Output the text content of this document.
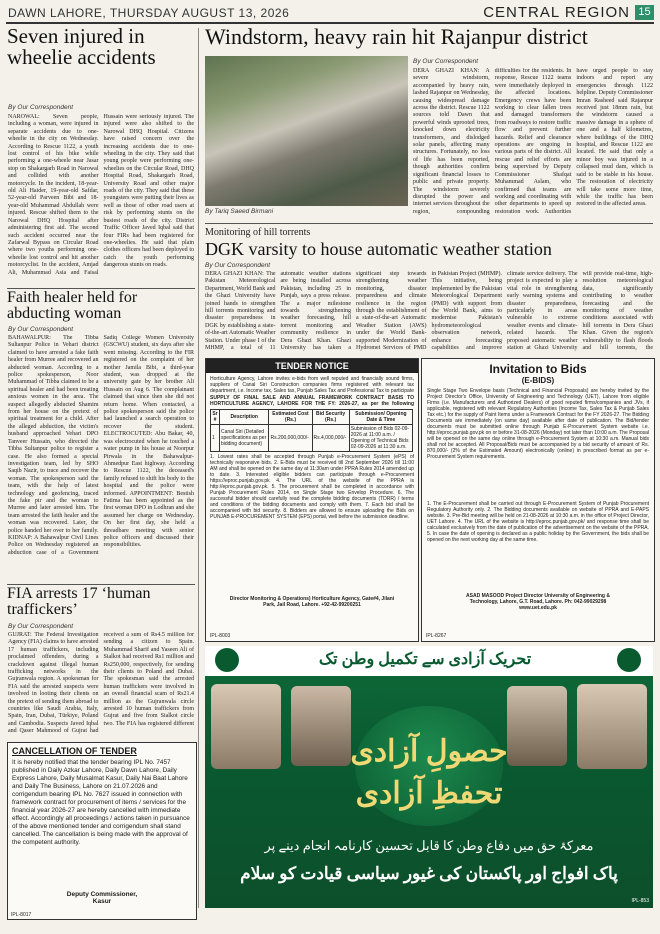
DAWN LAHORE, THURSDAY AUGUST 13, 2026	CENTRAL REGION 15
Seven injured in wheelie accidents
By Our Correspondent
NAROWAL: Seven people, including a woman, were injured in separate accidents due to one-wheelie in the city on Wednesday. According to Rescue 1122, a youth lost control of his bike while performing a one-wheele near Jasar stop on Shakargarh Road in Narowal and collided with another motorcycle. In the incident, 18-year-old Ali Haider, 19-year-old Safdar, 52-year-old Parveen Bibi and 18-year-old Muhammad Abdullah were injured. Rescue shifted them to the Narowal DHQ Hospital after administering first aid. The second such accident occurred near the Zafarwal Bypass on Circular Road where two youths performing one-wheelie lost control and hit another motorcyclist. In the accident, Amjad Ali, Muhammad Asia and Faisal Hussain were seriously injured. The injured were also shifted to the Narowal DHQ Hospital. Citizens have raised concern over the increasing accidents due to one-wheeling in the city. They said that young people were performing one-wheelies on the Circular Road, DHQ Hospital Road, Shakargarh Road, University Road and other major roads of the city. They said that these youngsters were putting their lives as well as those of other road users at risk by performing stunts on the busiest roads of the city. District Traffic Officer Javed Iqbal said that four FIRs had been registered for one-wheelies. He said that plain clothes officers had been deployed to catch the youth performing dangerous stunts on roads.
Windstorm, heavy rain hit Rajanpur district
By Tariq Saeed Birmani
By Our Correspondent
DERA GHAZI KHAN: A severe windstorm, accompanied by heavy rain, lashed Rajanpur on Wednesday, causing widespread damage across the district. Rescue 1122 sources told Dawn that powerful winds uprooted trees, knocked down electricity transformers, and dislodged solar panels, affecting many structures. Fortunately, no loss of life has been reported, though authorities confirm significant financial losses to public and private property. The windstorm severely disrupted the power and internet services throughout the region, compounding difficulties for the residents. In response, Rescue 1122 teams were immediately deployed in the affected locations. Emergency crews have been working to clear fallen trees and damaged transformers from roadways to restore traffic flow and prevent further hazards. Relief and clearance operations are ongoing in various parts of the district. All rescue and relief efforts are being supervised by Deputy Commissioner Shafqat Muhammad Aslam, who confirmed that teams are working and coordinating with other departments to speed up restoration work. Authorities have urged people to stay indoors and report any emergencies through 1122 helpline. Deputy Commissioner Imran Rasheed said Rajanpur received just 18mm rain, but the windstorm caused a massive damage in a sphere of one and a half kilometres, where buildings of the DHQ hospital, and Rescue 1122 are located. He said that only a minor boy was injured in a collapsed mud dam, which is said to be stable in his house. The restoration of electricity will take some more time, while the traffic has been restored in the affected areas.
Monitoring of hill torrents
DGK varsity to house automatic weather station
By Our Correspondent
DERA GHAZI KHAN: The Pakistan Meteorological Department, World Bank and the Ghazi University have joined hands to strengthen hill torrents monitoring and disaster preparedness in DGK by establishing a state-of-the-art Automatic Weather Station. Under phase I of the MHMP, a total of 11 automatic weather stations are being installed across Pakistan, including 25 in Punjab, says a press release. The a major milestone towards strengthening weather forecasting, hill torrent monitoring and community resilience in Dera Ghazi Khan. Ghazi University has taken a significant step towards strengthening weather monitoring, disaster preparedness and climate resilience in the region through the establishment of a state-of-the-art Automatic Weather Station (AWS) under the World Bank-supported Modernization of Hydromet Services of PMD in Pakistan Project (MHMP). This initiative, being implemented by the Pakistan Meteorological Department (PMD) with support from the World Bank, aims to modernise Pakistan's hydrometeorological observation network, enhance forecasting capabilities and improve climate service delivery. The project is expected to play a vital role in strengthening early warning systems and disaster preparedness, particularly in areas vulnerable to extreme weather events and climate-related hazards. The proposed automatic weather station at Ghazi University will provide real-time, high-resolution meteorological data, significantly contributing to weather forecasting and the monitoring of weather conditions associated with hill torrents in Dera Ghazi Khan. Given the region's vulnerability to flash floods and hill torrents, the
Faith healer held for abducting woman
By Our Correspondent
BAHAWALPUR: The Tibba Sultanpur Police in Vehari district claimed to have arrested a fake faith healer from Murree and recovered an abducted woman. According to a police spokesperson, Noor Muhammad of Tibba claimed to be a spiritual healer and had been treating anxious women in the area. The suspect allegedly abducted Shamim from her house on the pretext of spiritual treatment for a child. After the alleged abduction, the victim's husband approached Vehari DPO Tanveer Hussain, who directed the Tibba Sultanpur police to register a case. He also formed a special investigation team, led by SHO Saqib Nazir, to trace and recover the woman. The spokesperson said the team, with the help of latest technology and geofencing, traced the fake pir and the woman to Murree and later arrested him. The team arrested the faith healer and the woman was recovered. Later, the police handed her over to her family. KIDNAP: A Bahawalpur Civil Lines Police on Wednesday registered an abduction case of a Government Sadiq College Women University (GSCWU) student, six days after she went missing. According to the FIR registered on the complaint of her mother Jamila Bibi, a third-year student, was dropped at the university gate by her brother Ali Hussain on Aug 6. The complainant claimed that since then she did not return home. When contacted, a police spokesperson said the police had launched a search operation to recover the student. ELECTROCUTED: Abu Bakar, 40, was electrocuted when he touched a water pump in his house at Noorpur Pirwala in the Bahawalpur-Ahmedpur East highway. According to Rescue 1122, the deceased's family refused to shift his body to the hospital and the police were informed. APPOINTMENT: Bestish Fatima has been appointed as the first woman DPO in Lodhran and she assumed her charge on Wednesday. On her first day, she held a threadbare meeting with senior police officers and discussed their responsibilities.
FIA arrests 17 ‘human traffickers’
By Our Correspondent
GUJRAT: The Federal Investigation Agency (FIA) claims to have arrested 17 human traffickers, including proclaimed offenders, during a crackdown against illegal human trafficking networks in the Gujranwala region. A spokesman for FIA said the arrested suspects were involved in looting their clients on the pretext of sending them abroad to countries like Saudi Arabia, Italy, Spain, Iran, Dubai, Türkiye, Poland and Cambodia. Suspects Javed Iqbal and Qaser Mahmood of Gujrat had received a sum of Rs4.5 million for sending a citizen to Spain. Muhammad Sharif and Yaseen Ali of Sialkot had received Rs1 million and Rs250,000, respectively, for sending their clients to Poland and Dubai. The spokesman said the arrested human traffickers were involved in an overall financial scam of Rs21.4 million as the Gujranwala circle arrested 10 human traffickers from Gujrat and five from Sialkot circle two. The FIA has registered different
TENDER NOTICE
Horticulture Agency, Lahore invites e-bids from well reputed and financially sound firms, suppliers of Canal Siri Construction companies firms registered with relevant tax department, i.e. Income tax, Sales tax, Punjab Sales Tax and Professional Tax to participate
SUPPLY OF FINAL SALE AND ANNUAL FRAMEWORK CONTRACT BASIS TO HORTICULTURE AGENCY, LAHORE FOR THE FY: 2026-27, as per the following
Sr #	Description	Estimated Cost (Rs.)	Bid Security (Rs.)	Submission/ Opening Date & Time
1	Canal Siri (Detailed specifications as per bidding document)	Rs.200,000,000/-	Rs.4,000,000/-	Submission of Bids 02-09-2026 at 11:00 a.m. / Opening of Technical Bids 02-09-2026 at 11:30 a.m.
1. Lowest rates shall be accepted through Punjab e-Procurement System (ePS) of technically responsive bids. 2. E-Bids must be received till 2nd September 2026 till 11:00 AM and shall be opened on the same day at 11:30am under PPRA Rules 2014 amended up to date. 3. Interested eligible bidders can participate through e-Procurement https://eproc.punjab.gov.pk 4. The URL of the website of the PPRA is http://eproc.punjab.gov.pk. 5. The procurement shall be completed in accordance with Punjab Procurement Rules 2014, on Single Stage two Envelop Procedure. 6. The successful bidder should carefully read the complete bidding documents (TDRR) / terms and conditions of the bidding documents and comply with them. 7. Each bid shall be accompanied with bid security. 8. Bidders are allowed to ensure uploading the Bids on PUNJAB E-PROCUREMENT SYSTEM (EPS) portal, well before the submission deadline.
Director Monitoring & Operations) Horticulture Agency, Gate#4, Jilani Park, Jail Road, Lahore. +92-42-99200251
IPL-8003
Invitation to Bids
(E-BIDS)
Single Stage Two Envelope basis (Technical and Financial Proposals) are hereby invited by the Project Director's Office, University of Engineering and Technology (UET), Lahore from eligible Firms (i.e. Manufacturers and Authorized Dealers) of good reputed firms/companies and JVs, if applicable, registered with relevant Regulatory Authorities (Income Tax, Sales Tax & Punjab Sales Tax etc.) for the supply of Paint Items under a Framework Contract for the FY 2026-27. The Bidding Documents are immediately (on same day) available after date of publication. The Bid/tender documents must be submitted online through Punjab E-Procurement System website i.e. http://eproc.punjab.gov.pk on or before 31-08-2026 (Monday) not later than 10:00 a.m. The Proposal will be opened on the same day online through e-Procurement System at 10:30 a.m. Manual bids shall not be accepted. All Proposal/Bids must be accompanied by a bid security of amount of Rs. 870,000/- (2% of the Estimated Amount) electronically (online) in prescribed format as per e-Procurement System requirements.
1. The E-Procurement shall be carried out through E-Procurement System of Punjab Procurement Regulatory Authority only. 2. The Bidding documents available on website of PPRA and E-PAPS website. 3. Pre-Bid meeting will be held on 21-08-2026 at 10:30 a.m. in the office of Project Director, UET Lahore. 4. The URL of the website is http://eproc.punjab.gov.pk/ and response time shall be calculated exclusively from the date of publication of the advertisement on the website of the PPRA. 5. In case the date of opening is declared as a public holiday by the Government, the bids shall be opened on the next working day at the same time.
ASAD MASOOD Project Director University of Engineering & Technology, Lahore, G.T. Road, Lahore. Ph: 042-99029298 www.uet.edu.pk
IPL-8267
تحریک آزادی سے تکمیل وطن تک
حصولِ آزادی
تحفظِ آزادی
معرکۂ حق میں دفاع وطن کا قابل تحسین کارنامہ انجام دینے پر
پاک افواج اور پاکستان کی غیور سیاسی قیادت کو سلام
IPL-853
CANCELLATION OF TENDER
It is hereby notified that the tender bearing IPL No. 7457 published in Daily Azkar Lahore, Daily Dawn Lahore, Daily Express Lahore, Daily Musalmat Kasur, Daily Nai Baat Lahore and Daily The Business, Lahore on 21.07.2026 and corrigendum bearing IPL No. 7627 issued in connection with framework contract for procurement of items / services for the financial year 2026-27 are hereby cancelled with immediate effect. Accordingly all proceedings / actions taken in pursuance of the above mentioned tender and corrigendum shall stand cancelled. The cancellation is being made with the approval of the competent authority.
Deputy Commissioner,
Kasur
IPL-8017
